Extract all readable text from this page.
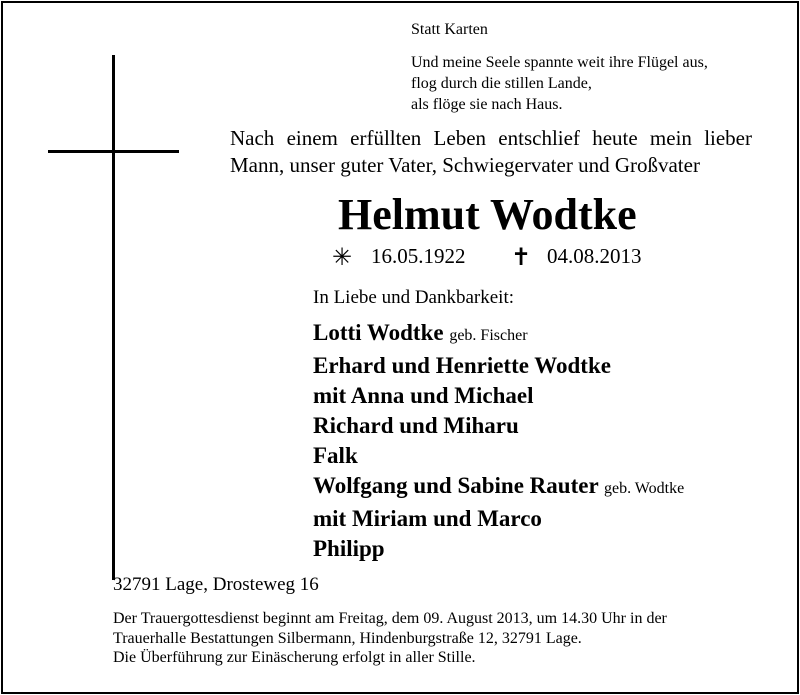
Statt Karten
Und meine Seele spannte weit ihre Flügel aus,
flog durch die stillen Lande,
als flöge sie nach Haus.
Nach einem erfüllten Leben entschlief heute mein lieber
Mann, unser guter Vater, Schwiegervater und Großvater
Helmut Wodtke
✳ 16.05.1922 ✝ 04.08.2013
In Liebe und Dankbarkeit:
Lotti Wodtke geb. Fischer
Erhard und Henriette Wodtke
mit Anna und Michael
Richard und Miharu
Falk
Wolfgang und Sabine Rauter geb. Wodtke
mit Miriam und Marco
Philipp
32791 Lage, Drosteweg 16
Der Trauergottesdienst beginnt am Freitag, dem 09. August 2013, um 14.30 Uhr in der
Trauerhalle Bestattungen Silbermann, Hindenburgstraße 12, 32791 Lage.
Die Überführung zur Einäscherung erfolgt in aller Stille.
